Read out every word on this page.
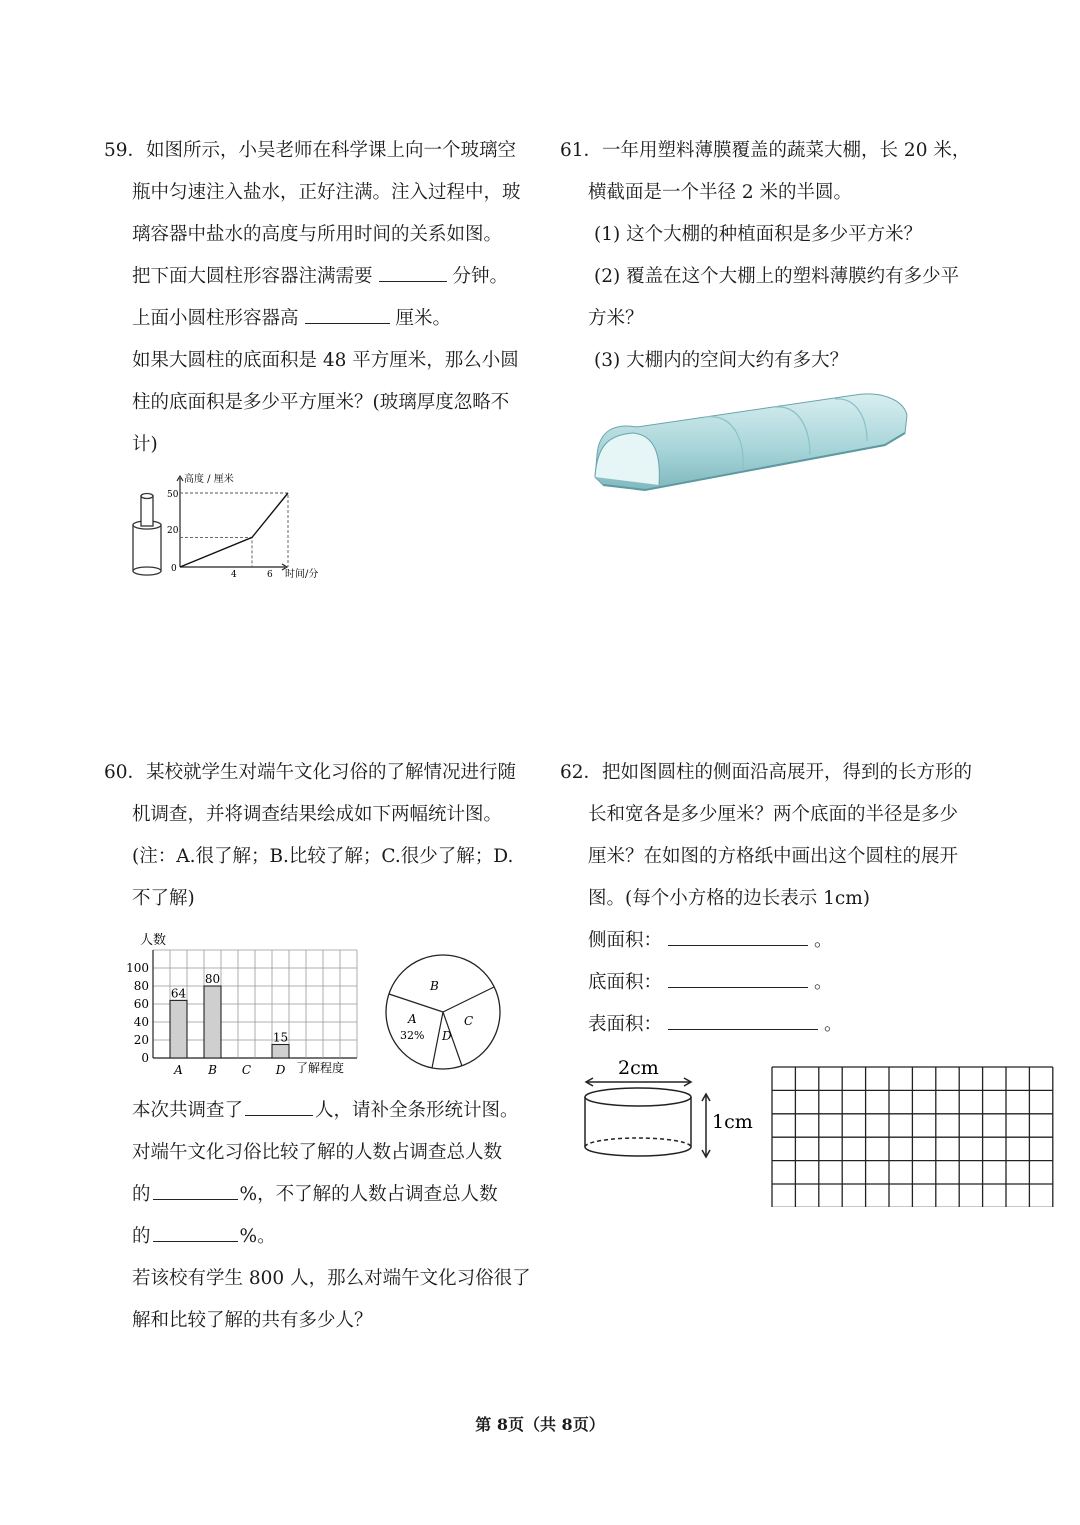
59．如图所示，小吴老师在科学课上向一个玻璃空
瓶中匀速注入盐水，正好注满。注入过程中，玻
璃容器中盐水的高度与所用时间的关系如图。
把下面大圆柱形容器注满需要	分钟。
上面小圆柱形容器高	厘米。
如果大圆柱的底面积是 48 平方厘米，那么小圆
柱的底面积是多少平方厘米？(玻璃厚度忽略不
计)
高度 / 厘米
时间/分
50
20
0
4	6
61．一年用塑料薄膜覆盖的蔬菜大棚，长 20 米，
横截面是一个半径 2 米的半圆。
(1) 这个大棚的种植面积是多少平方米？
(2) 覆盖在这个大棚上的塑料薄膜约有多少平
方米？
(3) 大棚内的空间大约有多大？
60．某校就学生对端午文化习俗的了解情况进行随
机调查，并将调查结果绘成如下两幅统计图。
(注：A.很了解；B.比较了解；C.很少了解；D.
不了解)
本次共调查了	人，请补全条形统计图。
对端午文化习俗比较了解的人数占调查总人数
的	%，不了解的人数占调查总人数
的	%。
若该校有学生 800 人，那么对端午文化习俗很了
解和比较了解的共有多少人？
人数
100
80
60
40
20
0
64
80
15
A B C D 了解程度
B
A
32%
C
D
62．把如图圆柱的侧面沿高展开，得到的长方形的
长和宽各是多少厘米？两个底面的半径是多少
厘米？在如图的方格纸中画出这个圆柱的展开
图。(每个小方格的边长表示 1cm)
侧面积：	。
底面积：	。
表面积：	。
2cm
1cm
第 8页（共 8页）
